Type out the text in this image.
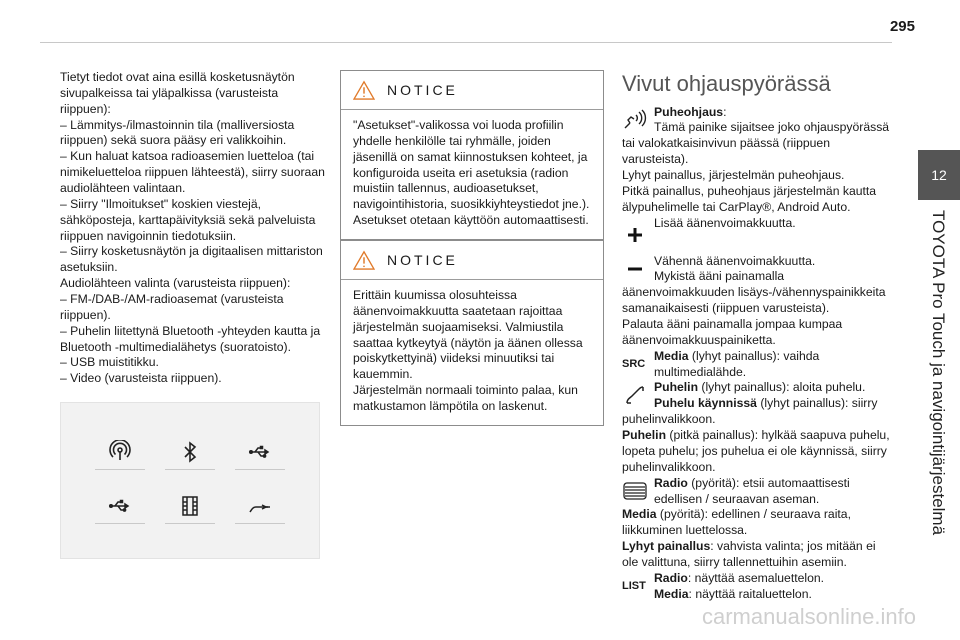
295
12
TOYOTA Pro Touch ja navigointijärjestelmä

Tietyt tiedot ovat aina esillä kosketusnäytön sivupalkeissa tai yläpalkissa (varusteista riippuen):

– Lämmitys-/ilmastoinnin tila (malliversiosta riippuen) sekä suora pääsy eri valikkoihin.

– Kun haluat katsoa radioasemien luetteloa (tai nimikeluetteloa riippuen lähteestä), siirry suoraan audiolähteen valintaan.

– Siirry "Ilmoitukset" koskien viestejä, sähköposteja, karttapäivityksiä sekä palveluista riippuen navigoinnin tiedotuksiin.

– Siirry kosketusnäytön ja digitaalisen mittariston asetuksiin.

Audiolähteen valinta (varusteista riippuen):

– FM-/DAB-/AM-radioasemat (varusteista riippuen).

– Puhelin liitettynä Bluetooth -yhteyden kautta ja Bluetooth -multimedialähetys (suoratoisto).

– USB muistitikku.

– Video (varusteista riippuen).

NOTICE

"Asetukset"-valikossa voi luoda profiilin yhdelle henkilölle tai ryhmälle, joiden jäsenillä on samat kiinnostuksen kohteet, ja konfiguroida useita eri asetuksia (radion muistiin tallennus, audioasetukset, navigointihistoria, suosikkiyhteystiedot jne.). Asetukset otetaan käyttöön automaattisesti.

NOTICE

Erittäin kuumissa olosuhteissa äänenvoimakkuutta saatetaan rajoittaa järjestelmän suojaamiseksi. Valmiustila saattaa kytkeytyä (näytön ja äänen ollessa poiskytkettyinä) viideksi minuutiksi tai kauemmin.

Järjestelmän normaali toiminto palaa, kun matkustamon lämpötila on laskenut.

Vivut ohjauspyörässä

Puheohjaus:

Tämä painike sijaitsee joko ohjauspyörässä tai valokatkaisinvivun päässä (riippuen varusteista).

Lyhyt painallus, järjestelmän puheohjaus.

Pitkä painallus, puheohjaus järjestelmän kautta älypuhelimelle tai CarPlay®, Android Auto.

Lisää äänenvoimakkuutta.

Vähennä äänenvoimakkuutta.

Mykistä ääni painamalla äänenvoimakkuuden lisäys-/vähennyspainikkeita samanaikaisesti (riippuen varusteista).

Palauta ääni painamalla jompaa kumpaa äänenvoimakkuuspainiketta.

SRC

Media (lyhyt painallus): vaihda multimedialähde.

Puhelin (lyhyt painallus): aloita puhelu.

Puhelu käynnissä (lyhyt painallus): siirry puhelinvalikkoon.

Puhelin (pitkä painallus): hylkää saapuva puhelu, lopeta puhelu; jos puhelua ei ole käynnissä, siirry puhelinvalikkoon.

Radio (pyöritä): etsii automaattisesti edellisen / seuraavan aseman.

Media (pyöritä): edellinen / seuraava raita, liikkuminen luettelossa.

Lyhyt painallus: vahvista valinta; jos mitään ei ole valittuna, siirry tallennettuihin asemiin.

LIST

Radio: näyttää asemaluettelon.

Media: näyttää raitaluettelon.

carmanualsonline.info
